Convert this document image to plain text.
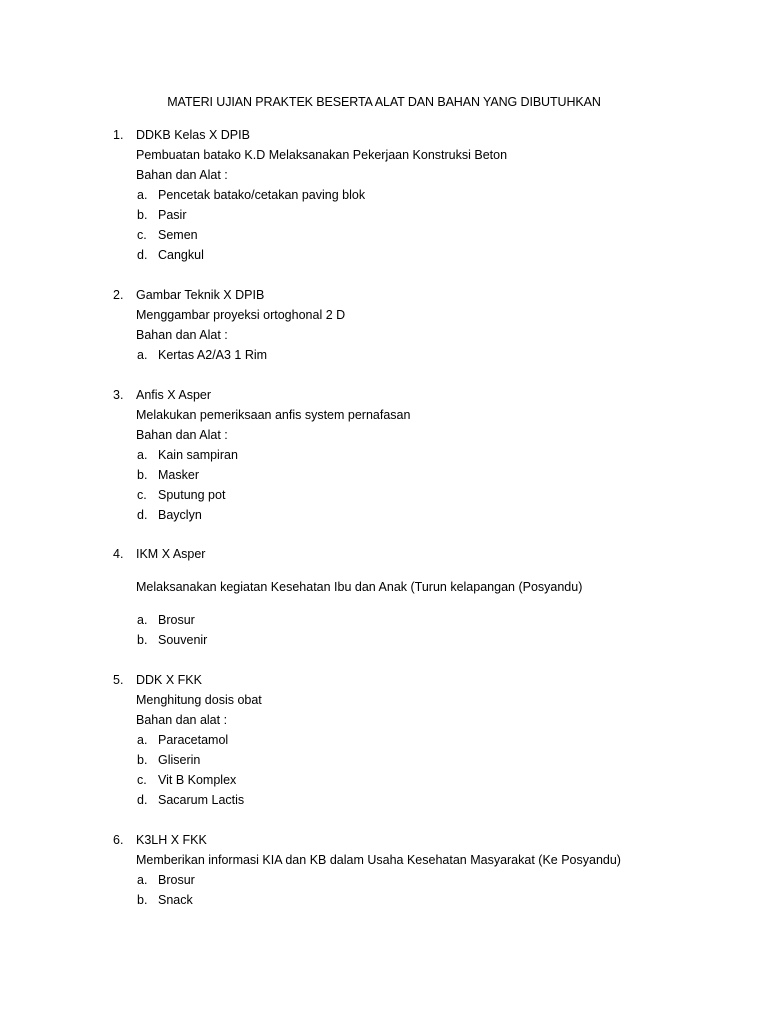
MATERI UJIAN PRAKTEK BESERTA ALAT DAN BAHAN YANG DIBUTUHKAN
1. DDKB Kelas X DPIB
Pembuatan batako K.D Melaksanakan Pekerjaan Konstruksi Beton
Bahan dan Alat :
a. Pencetak batako/cetakan paving blok
b. Pasir
c. Semen
d. Cangkul
2. Gambar Teknik X DPIB
Menggambar proyeksi ortoghonal 2 D
Bahan dan Alat :
a. Kertas A2/A3 1 Rim
3. Anfis X Asper
Melakukan pemeriksaan anfis system pernafasan
Bahan dan Alat :
a. Kain sampiran
b. Masker
c. Sputung pot
d. Bayclyn
4. IKM X Asper
Melaksanakan kegiatan Kesehatan Ibu dan Anak (Turun kelapangan (Posyandu)
a. Brosur
b. Souvenir
5. DDK X FKK
Menghitung dosis obat
Bahan dan alat :
a. Paracetamol
b. Gliserin
c. Vit B Komplex
d. Sacarum Lactis
6. K3LH X FKK
Memberikan informasi KIA dan KB dalam Usaha Kesehatan Masyarakat (Ke Posyandu)
a. Brosur
b. Snack
